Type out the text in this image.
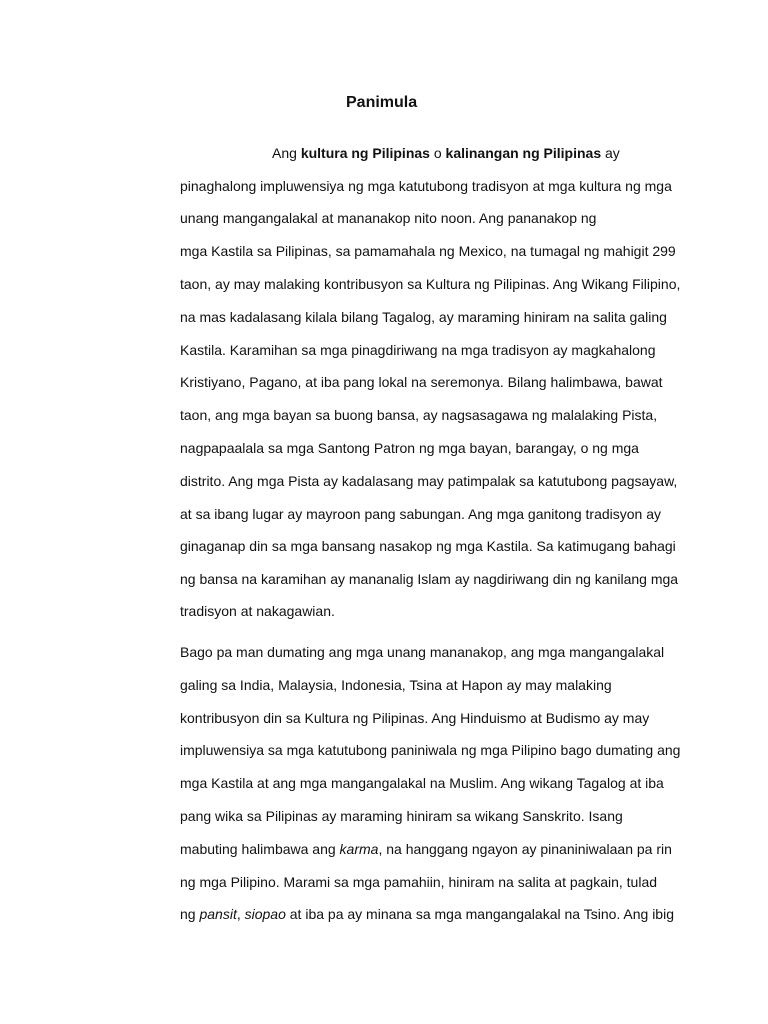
Panimula
Ang kultura ng Pilipinas o kalinangan ng Pilipinas ay
pinaghalong impluwensiya ng mga katutubong tradisyon at mga kultura ng mga
unang mangangalakal at mananakop nito noon. Ang pananakop ng
mga Kastila sa Pilipinas, sa pamamahala ng Mexico, na tumagal ng mahigit 299
taon, ay may malaking kontribusyon sa Kultura ng Pilipinas. Ang Wikang Filipino,
na mas kadalasang kilala bilang Tagalog, ay maraming hiniram na salita galing
Kastila. Karamihan sa mga pinagdiriwang na mga tradisyon ay magkahalong
Kristiyano, Pagano, at iba pang lokal na seremonya. Bilang halimbawa, bawat
taon, ang mga bayan sa buong bansa, ay nagsasagawa ng malalaking Pista,
nagpapaalala sa mga Santong Patron ng mga bayan, barangay, o ng mga
distrito. Ang mga Pista ay kadalasang may patimpalak sa katutubong pagsayaw,
at sa ibang lugar ay mayroon pang sabungan. Ang mga ganitong tradisyon ay
ginaganap din sa mga bansang nasakop ng mga Kastila. Sa katimugang bahagi
ng bansa na karamihan ay mananalig Islam ay nagdiriwang din ng kanilang mga
tradisyon at nakagawian.
Bago pa man dumating ang mga unang mananakop, ang mga mangangalakal
galing sa India, Malaysia, Indonesia, Tsina at Hapon ay may malaking
kontribusyon din sa Kultura ng Pilipinas. Ang Hinduismo at Budismo ay may
impluwensiya sa mga katutubong paniniwala ng mga Pilipino bago dumating ang
mga Kastila at ang mga mangangalakal na Muslim. Ang wikang Tagalog at iba
pang wika sa Pilipinas ay maraming hiniram sa wikang Sanskrito. Isang
mabuting halimbawa ang karma, na hanggang ngayon ay pinaniniwalaan pa rin
ng mga Pilipino. Marami sa mga pamahiin, hiniram na salita at pagkain, tulad
ng pansit, siopao at iba pa ay minana sa mga mangangalakal na Tsino. Ang ibig
